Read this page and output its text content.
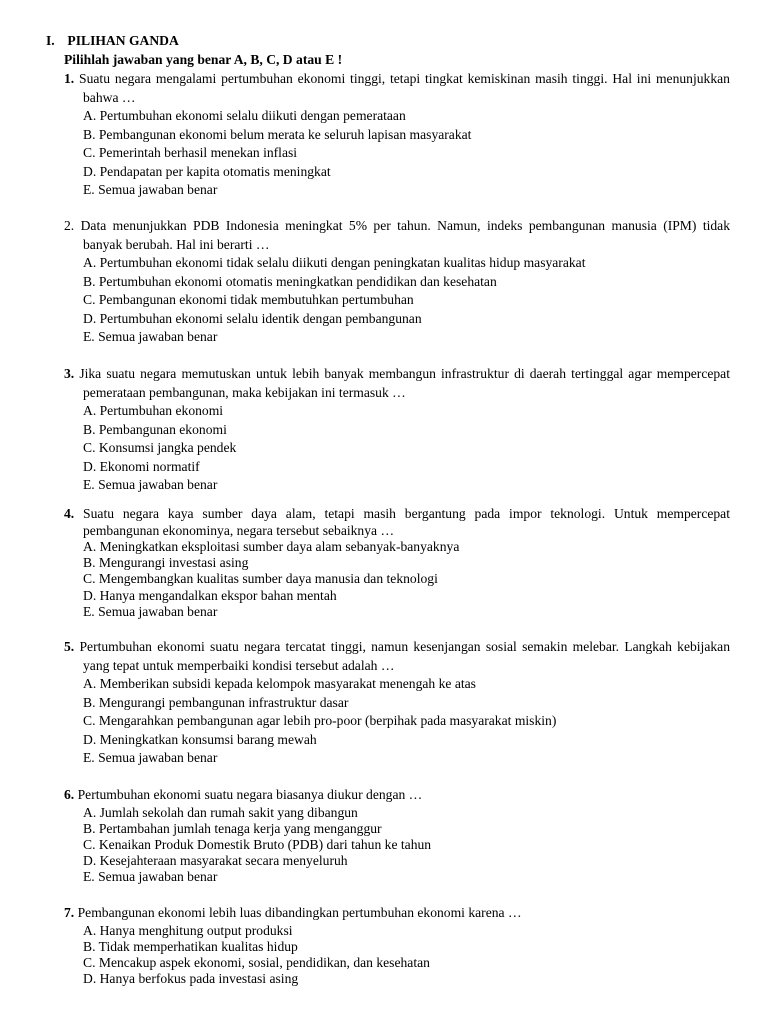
I. PILIHAN GANDA
Pilihlah jawaban yang benar A, B, C, D atau E !

1. Suatu negara mengalami pertumbuhan ekonomi tinggi, tetapi tingkat kemiskinan masih tinggi. Hal ini menunjukkan bahwa …

A. Pertumbuhan ekonomi selalu diikuti dengan pemerataan
B. Pembangunan ekonomi belum merata ke seluruh lapisan masyarakat
C. Pemerintah berhasil menekan inflasi
D. Pendapatan per kapita otomatis meningkat
E. Semua jawaban benar

2. Data menunjukkan PDB Indonesia meningkat 5% per tahun. Namun, indeks pembangunan manusia (IPM) tidak banyak berubah. Hal ini berarti …

A. Pertumbuhan ekonomi tidak selalu diikuti dengan peningkatan kualitas hidup masyarakat
B. Pertumbuhan ekonomi otomatis meningkatkan pendidikan dan kesehatan
C. Pembangunan ekonomi tidak membutuhkan pertumbuhan
D. Pertumbuhan ekonomi selalu identik dengan pembangunan
E. Semua jawaban benar

3. Jika suatu negara memutuskan untuk lebih banyak membangun infrastruktur di daerah tertinggal agar mempercepat pemerataan pembangunan, maka kebijakan ini termasuk …

A. Pertumbuhan ekonomi
B. Pembangunan ekonomi
C. Konsumsi jangka pendek
D. Ekonomi normatif
E. Semua jawaban benar

4. Suatu negara kaya sumber daya alam, tetapi masih bergantung pada impor teknologi. Untuk mempercepat pembangunan ekonominya, negara tersebut sebaiknya …

A. Meningkatkan eksploitasi sumber daya alam sebanyak-banyaknya
B. Mengurangi investasi asing
C. Mengembangkan kualitas sumber daya manusia dan teknologi
D. Hanya mengandalkan ekspor bahan mentah
E. Semua jawaban benar

5. Pertumbuhan ekonomi suatu negara tercatat tinggi, namun kesenjangan sosial semakin melebar. Langkah kebijakan yang tepat untuk memperbaiki kondisi tersebut adalah …

A. Memberikan subsidi kepada kelompok masyarakat menengah ke atas
B. Mengurangi pembangunan infrastruktur dasar
C. Mengarahkan pembangunan agar lebih pro-poor (berpihak pada masyarakat miskin)
D. Meningkatkan konsumsi barang mewah
E. Semua jawaban benar

6. Pertumbuhan ekonomi suatu negara biasanya diukur dengan …

A. Jumlah sekolah dan rumah sakit yang dibangun
B. Pertambahan jumlah tenaga kerja yang menganggur
C. Kenaikan Produk Domestik Bruto (PDB) dari tahun ke tahun
D. Kesejahteraan masyarakat secara menyeluruh
E. Semua jawaban benar

7. Pembangunan ekonomi lebih luas dibandingkan pertumbuhan ekonomi karena …

A. Hanya menghitung output produksi
B. Tidak memperhatikan kualitas hidup
C. Mencakup aspek ekonomi, sosial, pendidikan, dan kesehatan
D. Hanya berfokus pada investasi asing
